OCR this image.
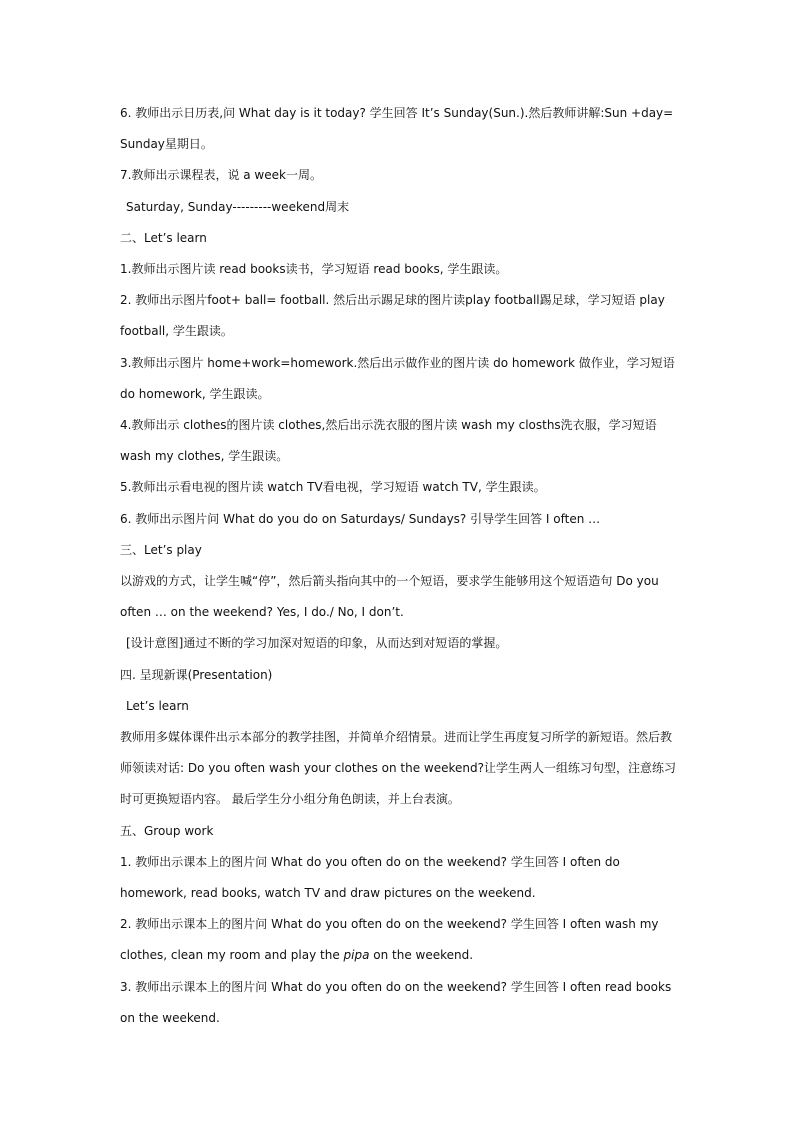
6. 教师出示日历表,问 What day is it today? 学生回答 It’s Sunday(Sun.).然后教师讲解:Sun +day= Sunday星期日。

7.教师出示课程表，说 a week一周。

Saturday, Sunday---------weekend周末

二、Let’s learn

1.教师出示图片读 read books读书，学习短语 read books, 学生跟读。

2. 教师出示图片foot+ ball= football. 然后出示踢足球的图片读play football踢足球，学习短语 play football, 学生跟读。

3.教师出示图片 home+work=homework.然后出示做作业的图片读 do homework 做作业，学习短语 do homework, 学生跟读。

4.教师出示 clothes的图片读 clothes,然后出示洗衣服的图片读 wash my closths洗衣服，学习短语 wash my clothes, 学生跟读。

5.教师出示看电视的图片读 watch TV看电视，学习短语 watch TV, 学生跟读。

6. 教师出示图片问 What do you do on Saturdays/ Sundays? 引导学生回答 I often …

三、Let’s play

以游戏的方式，让学生喊“停”，然后箭头指向其中的一个短语，要求学生能够用这个短语造句 Do you often … on the weekend? Yes, I do./ No, I don’t.

[设计意图]通过不断的学习加深对短语的印象，从而达到对短语的掌握。

四. 呈现新课(Presentation)

Let’s learn

教师用多媒体课件出示本部分的教学挂图，并简单介绍情景。进而让学生再度复习所学的新短语。然后教师领读对话: Do you often wash your clothes on the weekend?让学生两人一组练习句型，注意练习时可更换短语内容。 最后学生分小组分角色朗读，并上台表演。

五、Group work

1. 教师出示课本上的图片问 What do you often do on the weekend? 学生回答 I often do homework, read books, watch TV and draw pictures on the weekend.

2. 教师出示课本上的图片问 What do you often do on the weekend? 学生回答 I often wash my clothes, clean my room and play the pipa on the weekend.

3. 教师出示课本上的图片问 What do you often do on the weekend? 学生回答 I often read books on the weekend.
